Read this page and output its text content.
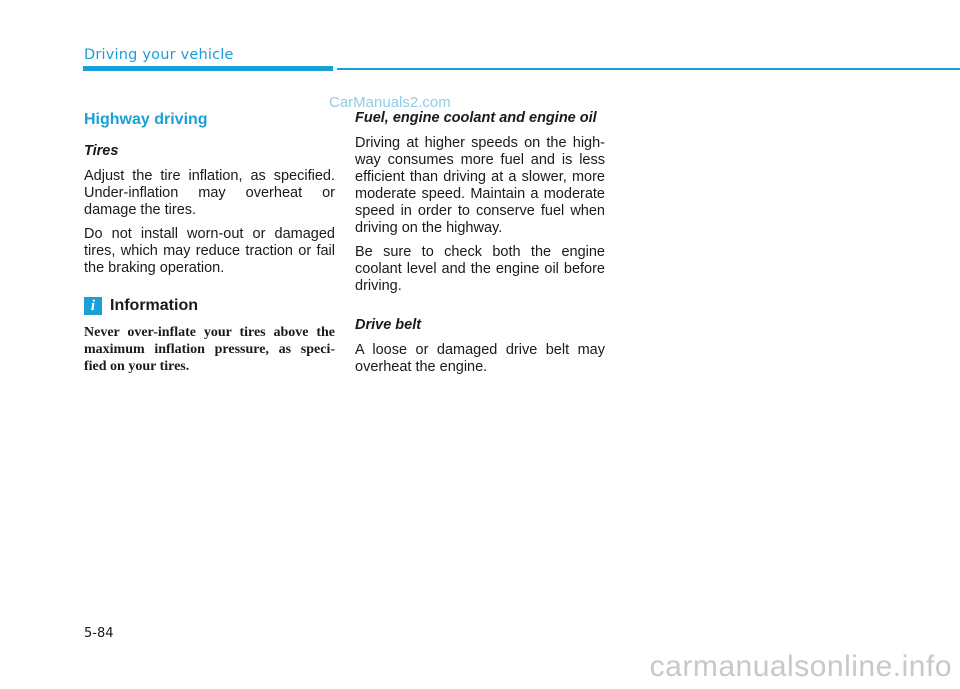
Driving your vehicle
CarManuals2.com
Highway driving
Tires

Adjust the tire inflation, as specified. Under-inflation may overheat or damage the tires.

Do not install worn-out or damaged tires, which may reduce traction or fail the braking operation.

i Information

Never over-inflate your tires above the maximum inflation pressure, as speci- fied on your tires.

Fuel, engine coolant and engine oil

Driving at higher speeds on the high- way consumes more fuel and is less efficient than driving at a slower, more moderate speed. Maintain a moderate speed in order to conserve fuel when driving on the highway.

Be sure to check both the engine coolant level and the engine oil before driving.

Drive belt

A loose or damaged drive belt may overheat the engine.

5-84
carmanualsonline.info
